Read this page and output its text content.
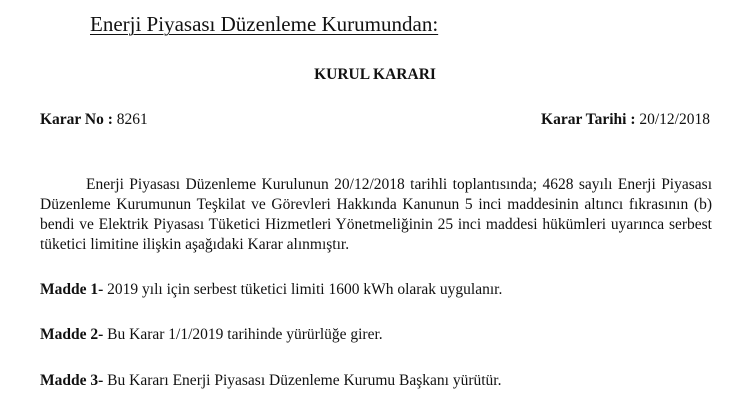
Enerji Piyasası Düzenleme Kurumundan:
KURUL KARARI
Karar No : 8261	Karar Tarihi : 20/12/2018
Enerji Piyasası Düzenleme Kurulunun 20/12/2018 tarihli toplantısında; 4628 sayılı Enerji Piyasası Düzenleme Kurumunun Teşkilat ve Görevleri Hakkında Kanunun 5 inci maddesinin altıncı fıkrasının (b) bendi ve Elektrik Piyasası Tüketici Hizmetleri Yönetmeliğinin 25 inci maddesi hükümleri uyarınca serbest tüketici limitine ilişkin aşağıdaki Karar alınmıştır.
Madde 1- 2019 yılı için serbest tüketici limiti 1600 kWh olarak uygulanır.
Madde 2- Bu Karar 1/1/2019 tarihinde yürürlüğe girer.
Madde 3- Bu Kararı Enerji Piyasası Düzenleme Kurumu Başkanı yürütür.
